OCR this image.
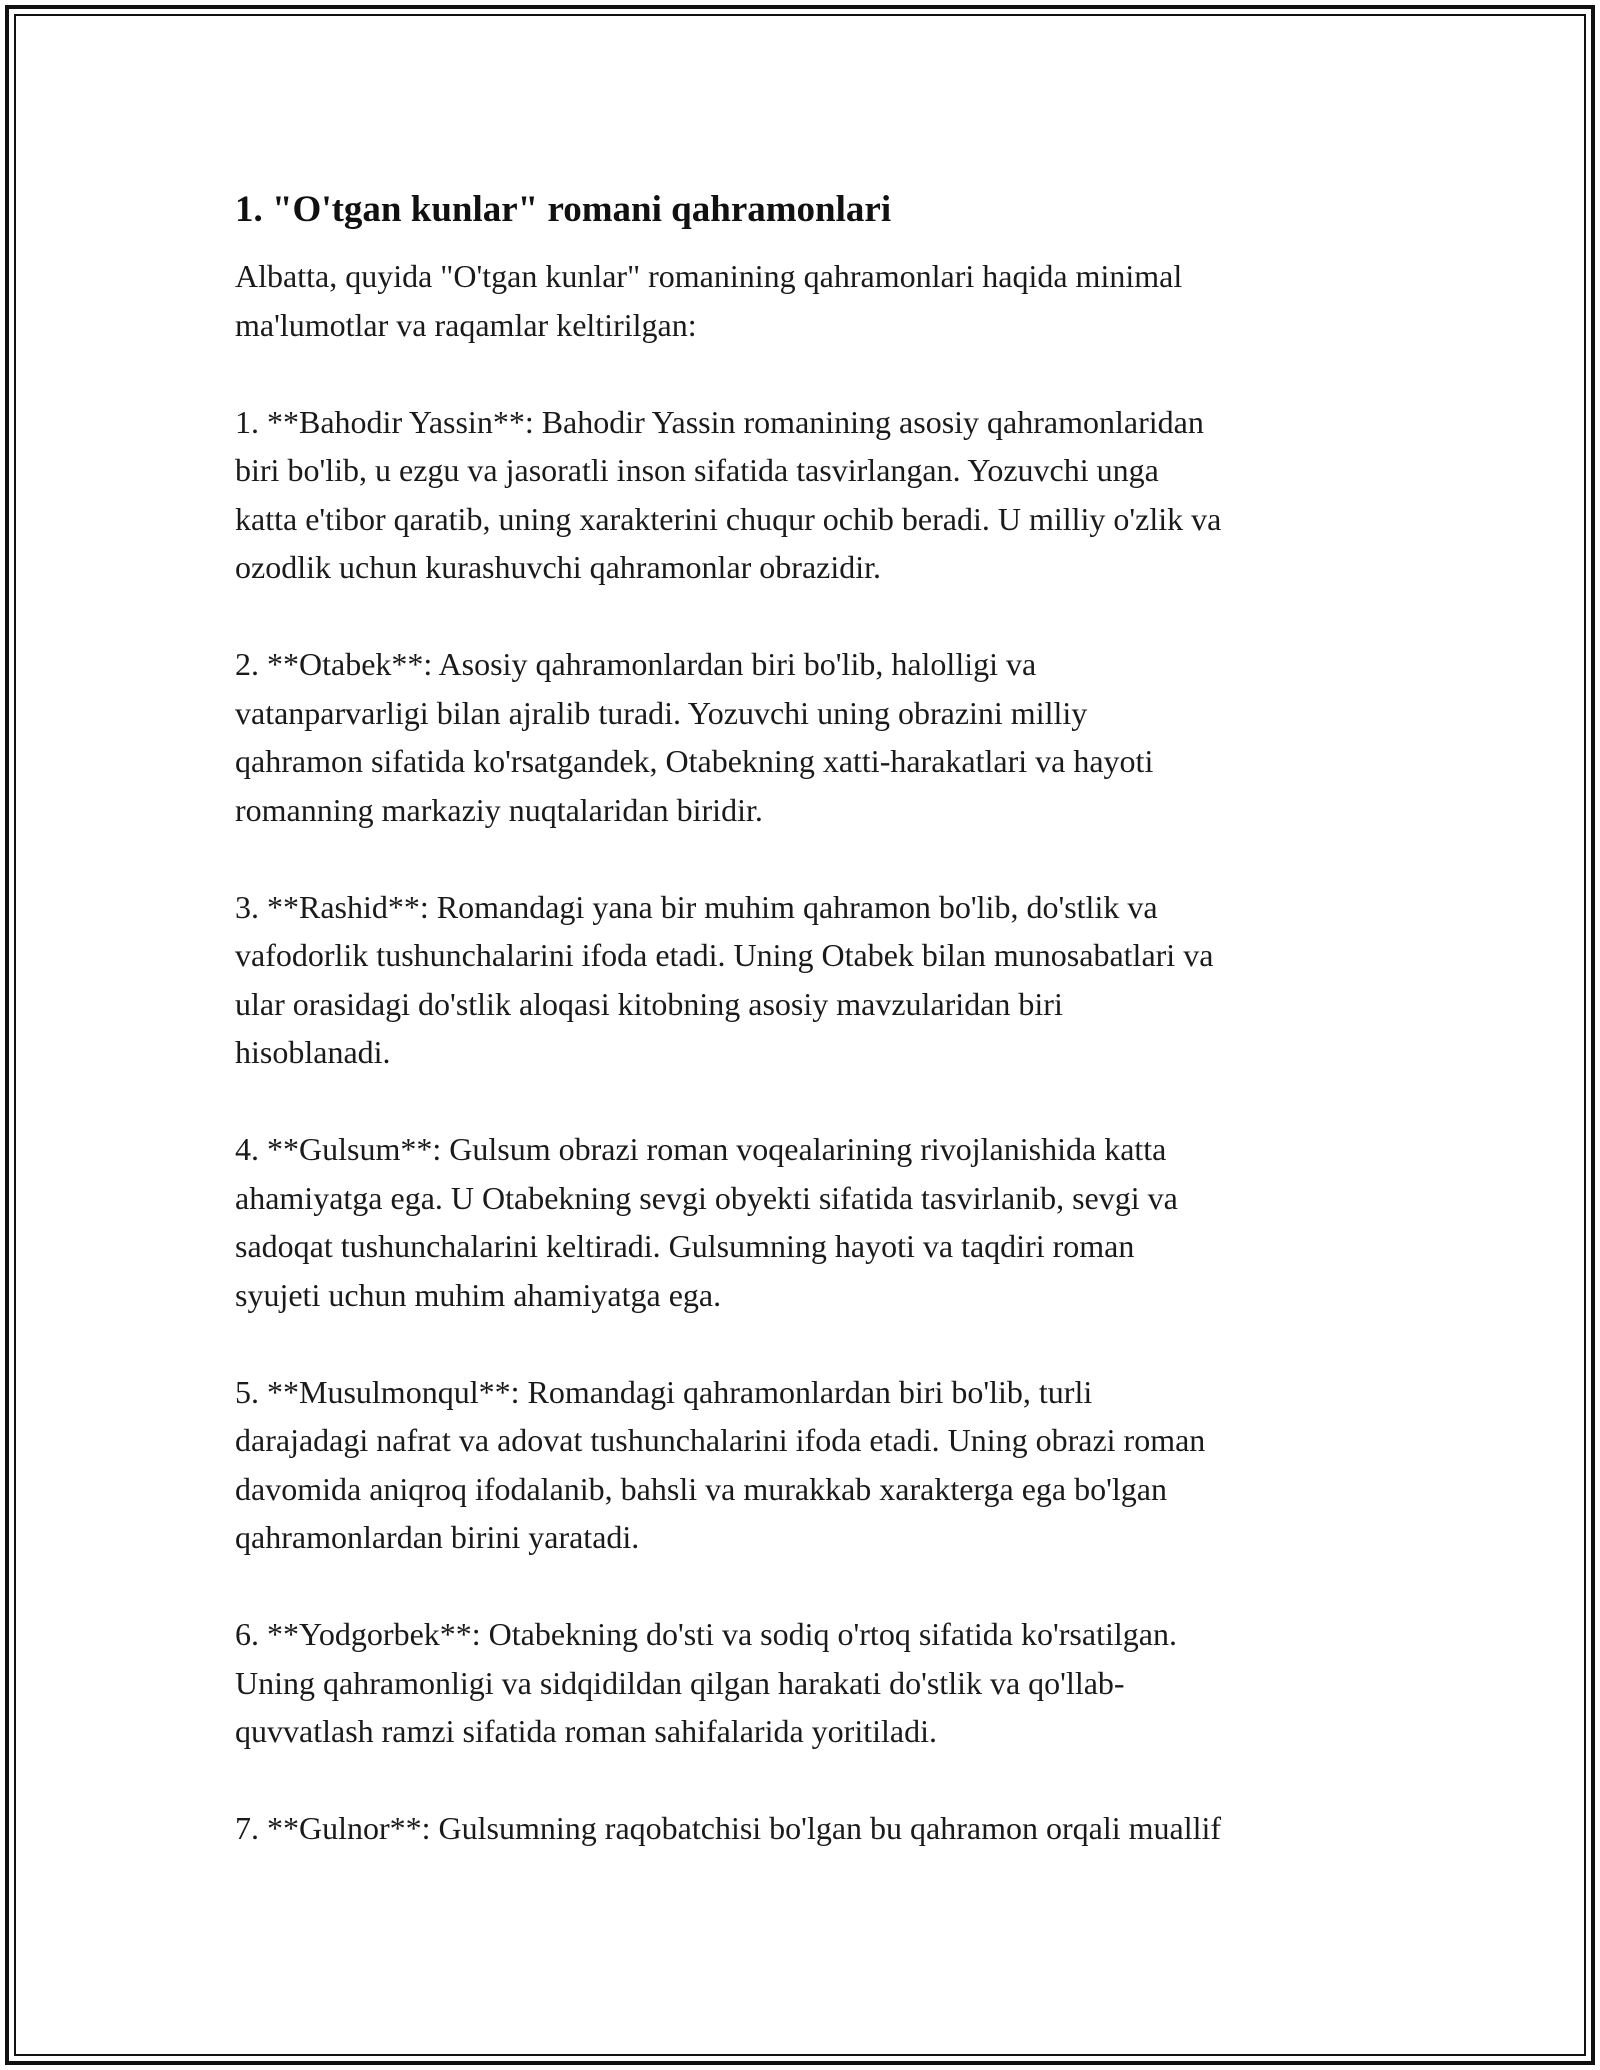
1. "O'tgan kunlar" romani qahramonlari

Albatta, quyida "O'tgan kunlar" romanining qahramonlari haqida minimal
ma'lumotlar va raqamlar keltirilgan:

1. **Bahodir Yassin**: Bahodir Yassin romanining asosiy qahramonlaridan
biri bo'lib, u ezgu va jasoratli inson sifatida tasvirlangan. Yozuvchi unga
katta e'tibor qaratib, uning xarakterini chuqur ochib beradi. U milliy o'zlik va
ozodlik uchun kurashuvchi qahramonlar obrazidir.

2. **Otabek**: Asosiy qahramonlardan biri bo'lib, halolligi va
vatanparvarligi bilan ajralib turadi. Yozuvchi uning obrazini milliy
qahramon sifatida ko'rsatgandek, Otabekning xatti-harakatlari va hayoti
romanning markaziy nuqtalaridan biridir.

3. **Rashid**: Romandagi yana bir muhim qahramon bo'lib, do'stlik va
vafodorlik tushunchalarini ifoda etadi. Uning Otabek bilan munosabatlari va
ular orasidagi do'stlik aloqasi kitobning asosiy mavzularidan biri
hisoblanadi.

4. **Gulsum**: Gulsum obrazi roman voqealarining rivojlanishida katta
ahamiyatga ega. U Otabekning sevgi obyekti sifatida tasvirlanib, sevgi va
sadoqat tushunchalarini keltiradi. Gulsumning hayoti va taqdiri roman
syujeti uchun muhim ahamiyatga ega.

5. **Musulmonqul**: Romandagi qahramonlardan biri bo'lib, turli
darajadagi nafrat va adovat tushunchalarini ifoda etadi. Uning obrazi roman
davomida aniqroq ifodalanib, bahsli va murakkab xarakterga ega bo'lgan
qahramonlardan birini yaratadi.

6. **Yodgorbek**: Otabekning do'sti va sodiq o'rtoq sifatida ko'rsatilgan.
Uning qahramonligi va sidqidildan qilgan harakati do'stlik va qo'llab-
quvvatlash ramzi sifatida roman sahifalarida yoritiladi.

7. **Gulnor**: Gulsumning raqobatchisi bo'lgan bu qahramon orqali muallif
